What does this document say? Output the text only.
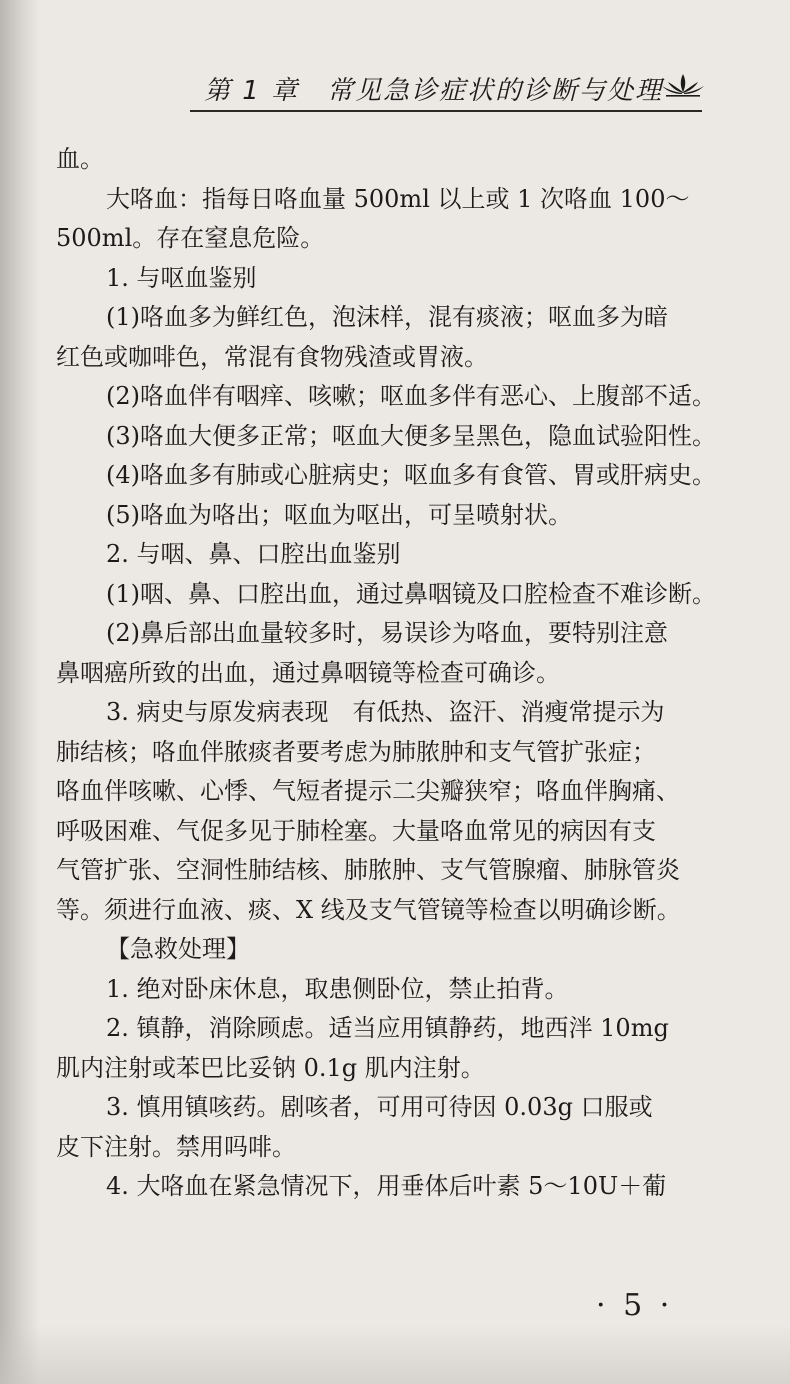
第 1 章　常见急诊症状的诊断与处理
血。
大咯血：指每日咯血量 500ml 以上或 1 次咯血 100～
500ml。存在窒息危险。
1. 与呕血鉴别
(1)咯血多为鲜红色，泡沫样，混有痰液；呕血多为暗
红色或咖啡色，常混有食物残渣或胃液。
(2)咯血伴有咽痒、咳嗽；呕血多伴有恶心、上腹部不适。
(3)咯血大便多正常；呕血大便多呈黑色，隐血试验阳性。
(4)咯血多有肺或心脏病史；呕血多有食管、胃或肝病史。
(5)咯血为咯出；呕血为呕出，可呈喷射状。
2. 与咽、鼻、口腔出血鉴别
(1)咽、鼻、口腔出血，通过鼻咽镜及口腔检查不难诊断。
(2)鼻后部出血量较多时，易误诊为咯血，要特别注意
鼻咽癌所致的出血，通过鼻咽镜等检查可确诊。
3. 病史与原发病表现　有低热、盗汗、消瘦常提示为
肺结核；咯血伴脓痰者要考虑为肺脓肿和支气管扩张症；
咯血伴咳嗽、心悸、气短者提示二尖瓣狭窄；咯血伴胸痛、
呼吸困难、气促多见于肺栓塞。大量咯血常见的病因有支
气管扩张、空洞性肺结核、肺脓肿、支气管腺瘤、肺脉管炎
等。须进行血液、痰、X 线及支气管镜等检查以明确诊断。
【急救处理】
1. 绝对卧床休息，取患侧卧位，禁止拍背。
2. 镇静，消除顾虑。适当应用镇静药，地西泮 10mg
肌内注射或苯巴比妥钠 0.1g 肌内注射。
3. 慎用镇咳药。剧咳者，可用可待因 0.03g 口服或
皮下注射。禁用吗啡。
4. 大咯血在紧急情况下，用垂体后叶素 5～10U＋葡
· 5 ·
